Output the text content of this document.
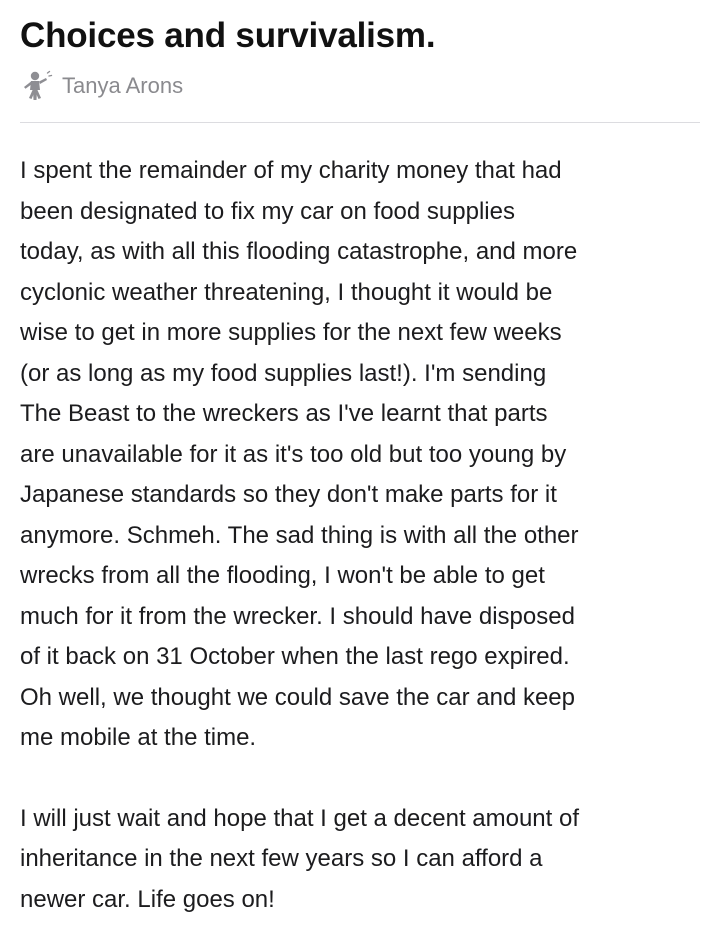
Choices and survivalism.
Tanya Arons

I spent the remainder of my charity money that had
been designated to fix my car on food supplies
today, as with all this flooding catastrophe, and more
cyclonic weather threatening, I thought it would be
wise to get in more supplies for the next few weeks
(or as long as my food supplies last!). I'm sending
The Beast to the wreckers as I've learnt that parts
are unavailable for it as it's too old but too young by
Japanese standards so they don't make parts for it
anymore. Schmeh. The sad thing is with all the other
wrecks from all the flooding, I won't be able to get
much for it from the wrecker. I should have disposed
of it back on 31 October when the last rego expired.
Oh well, we thought we could save the car and keep
me mobile at the time.

I will just wait and hope that I get a decent amount of
inheritance in the next few years so I can afford a
newer car. Life goes on!
